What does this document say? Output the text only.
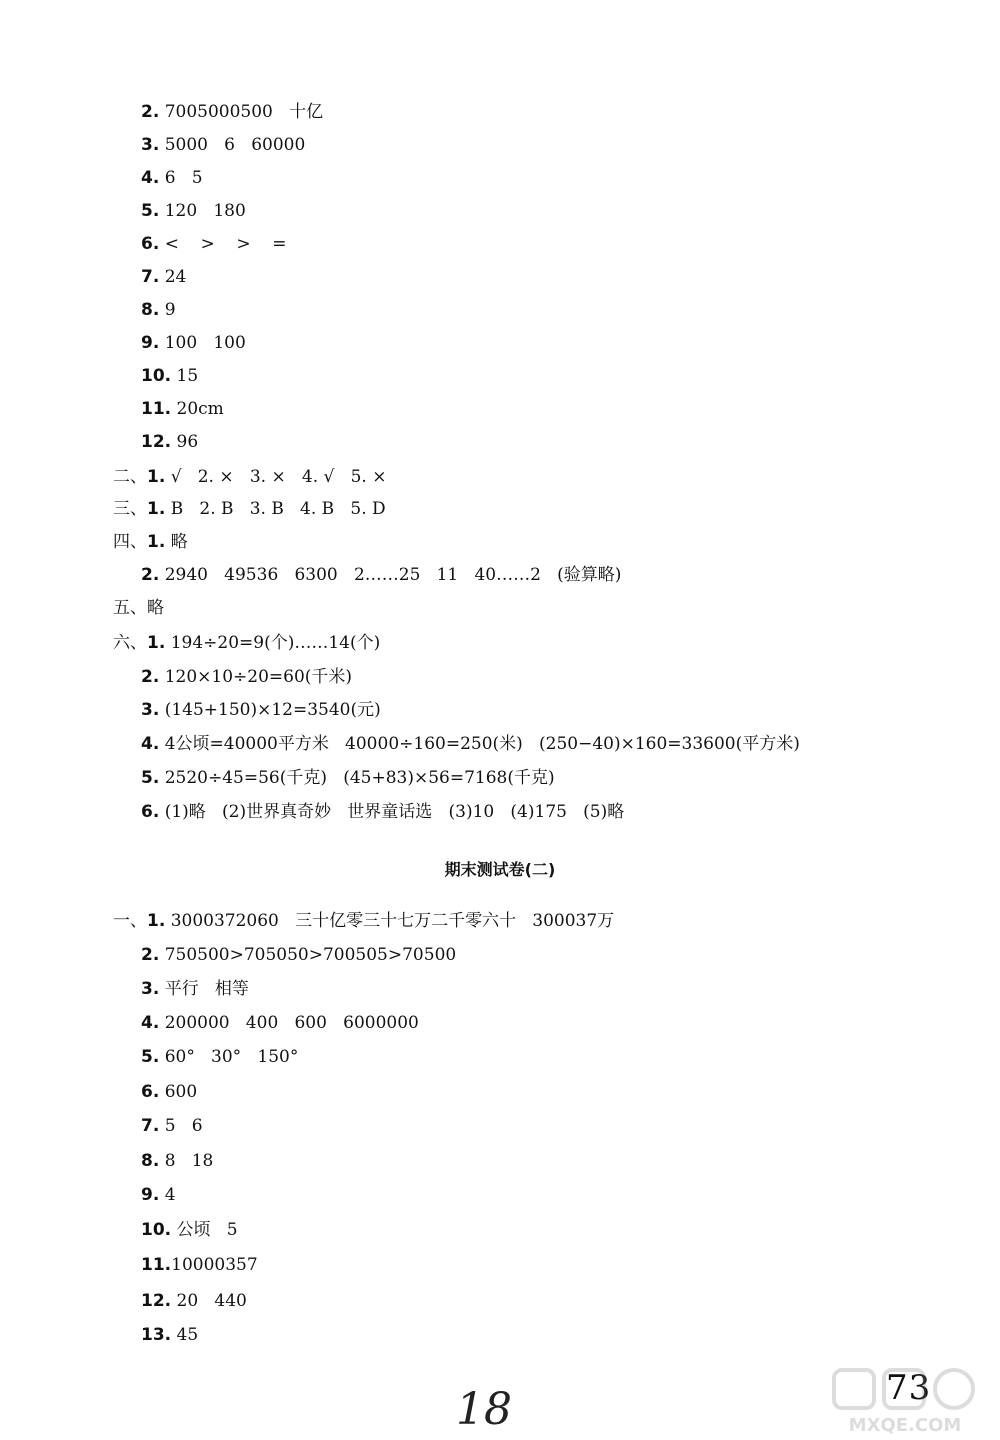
2. 7005000500   十亿
3. 5000   6   60000
4. 6   5
5. 120   180
6. <    >    >    =
7. 24
8. 9
9. 100   100
10. 15
11. 20cm
12. 96
二、1. √   2. ×   3. ×   4. √   5. ×
三、1. B   2. B   3. B   4. B   5. D
四、1. 略
2. 2940   49536   6300   2……25   11   40……2   (验算略)
五、略
六、1. 194÷20=9(个)……14(个)
2. 120×10÷20=60(千米)
3. (145+150)×12=3540(元)
4. 4公顷=40000平方米   40000÷160=250(米)   (250−40)×160=33600(平方米)
5. 2520÷45=56(千克)   (45+83)×56=7168(千克)
6. (1)略   (2)世界真奇妙   世界童话选   (3)10   (4)175   (5)略
一、1. 3000372060   三十亿零三十七万二千零六十   300037万
2. 750500>705050>700505>70500
3. 平行   相等
4. 200000   400   600   6000000
5. 60°   30°   150°
6. 600
7. 5   6
8. 8   18
9. 4
10. 公顷   5
11.10000357
12. 20   440
13. 45
期末测试卷(二)
73
18	MXQE.COM
